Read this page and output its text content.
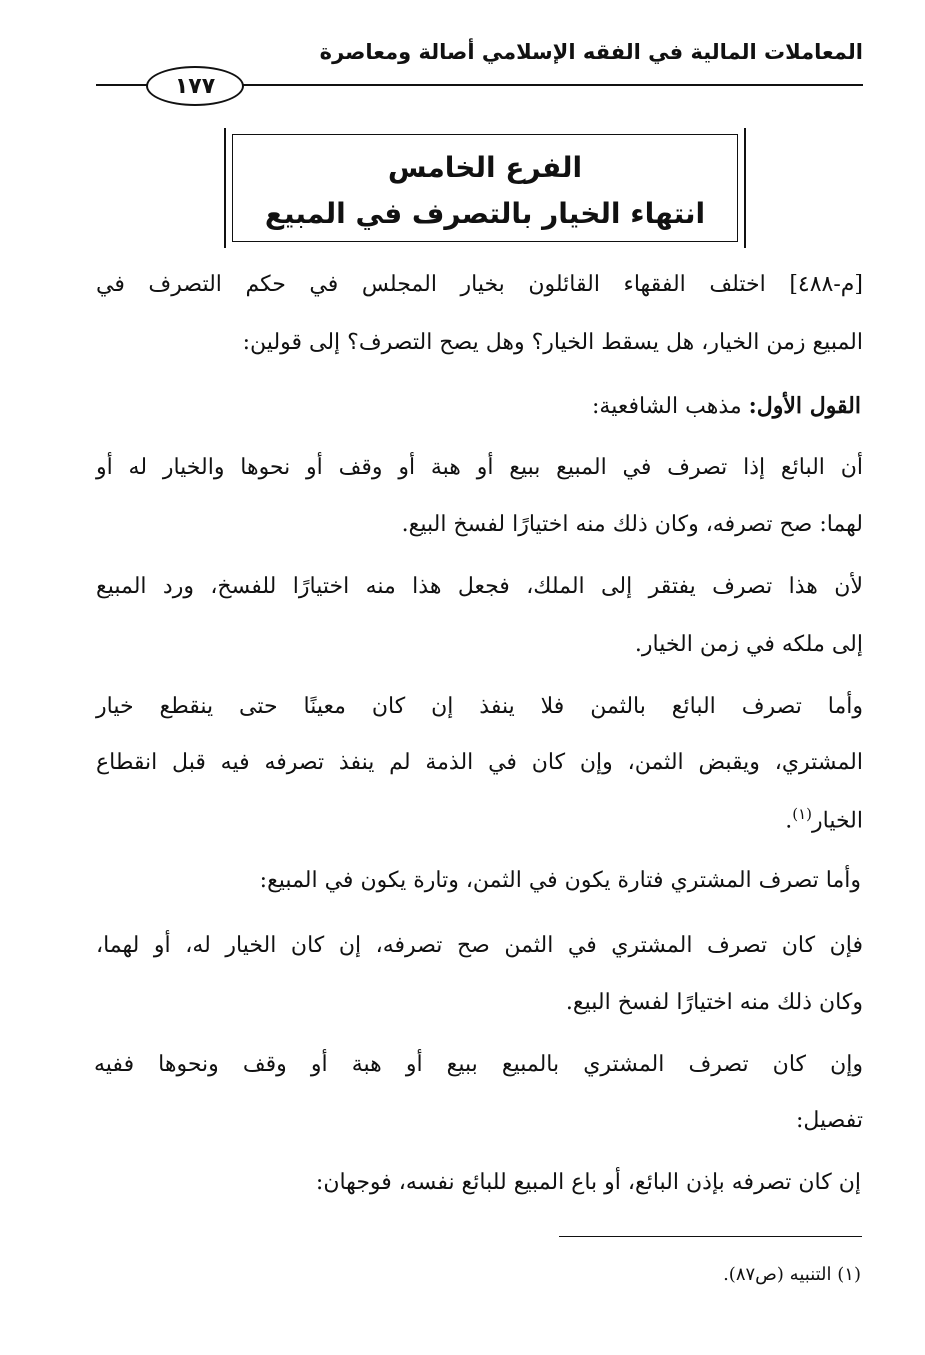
المعاملات المالية في الفقه الإسلامي أصالة ومعاصرة
١٧٧
الفرع الخامس
انتهاء الخيار بالتصرف في المبيع
[م-٤٨٨] اختلف الفقهاء القائلون بخيار المجلس في حكم التصرف في
المبيع زمن الخيار، هل يسقط الخيار؟ وهل يصح التصرف؟ إلى قولين:
القول الأول: مذهب الشافعية:
أن البائع إذا تصرف في المبيع ببيع أو هبة أو وقف أو نحوها والخيار له أو
لهما: صح تصرفه، وكان ذلك منه اختيارًا لفسخ البيع.
لأن هذا تصرف يفتقر إلى الملك، فجعل هذا منه اختيارًا للفسخ، ورد المبيع
إلى ملكه في زمن الخيار.
وأما تصرف البائع بالثمن فلا ينفذ إن كان معينًا حتى ينقطع خيار
المشتري، ويقبض الثمن، وإن كان في الذمة لم ينفذ تصرفه فيه قبل انقطاع
الخيار$^{(١)}$.
وأما تصرف المشتري فتارة يكون في الثمن، وتارة يكون في المبيع:
فإن كان تصرف المشتري في الثمن صح تصرفه، إن كان الخيار له، أو لهما،
وكان ذلك منه اختيارًا لفسخ البيع.
وإن كان تصرف المشتري بالمبيع ببيع أو هبة أو وقف ونحوها ففيه
تفصيل:
إن كان تصرفه بإذن البائع، أو باع المبيع للبائع نفسه، فوجهان:
(١) التنبيه (ص٨٧).
